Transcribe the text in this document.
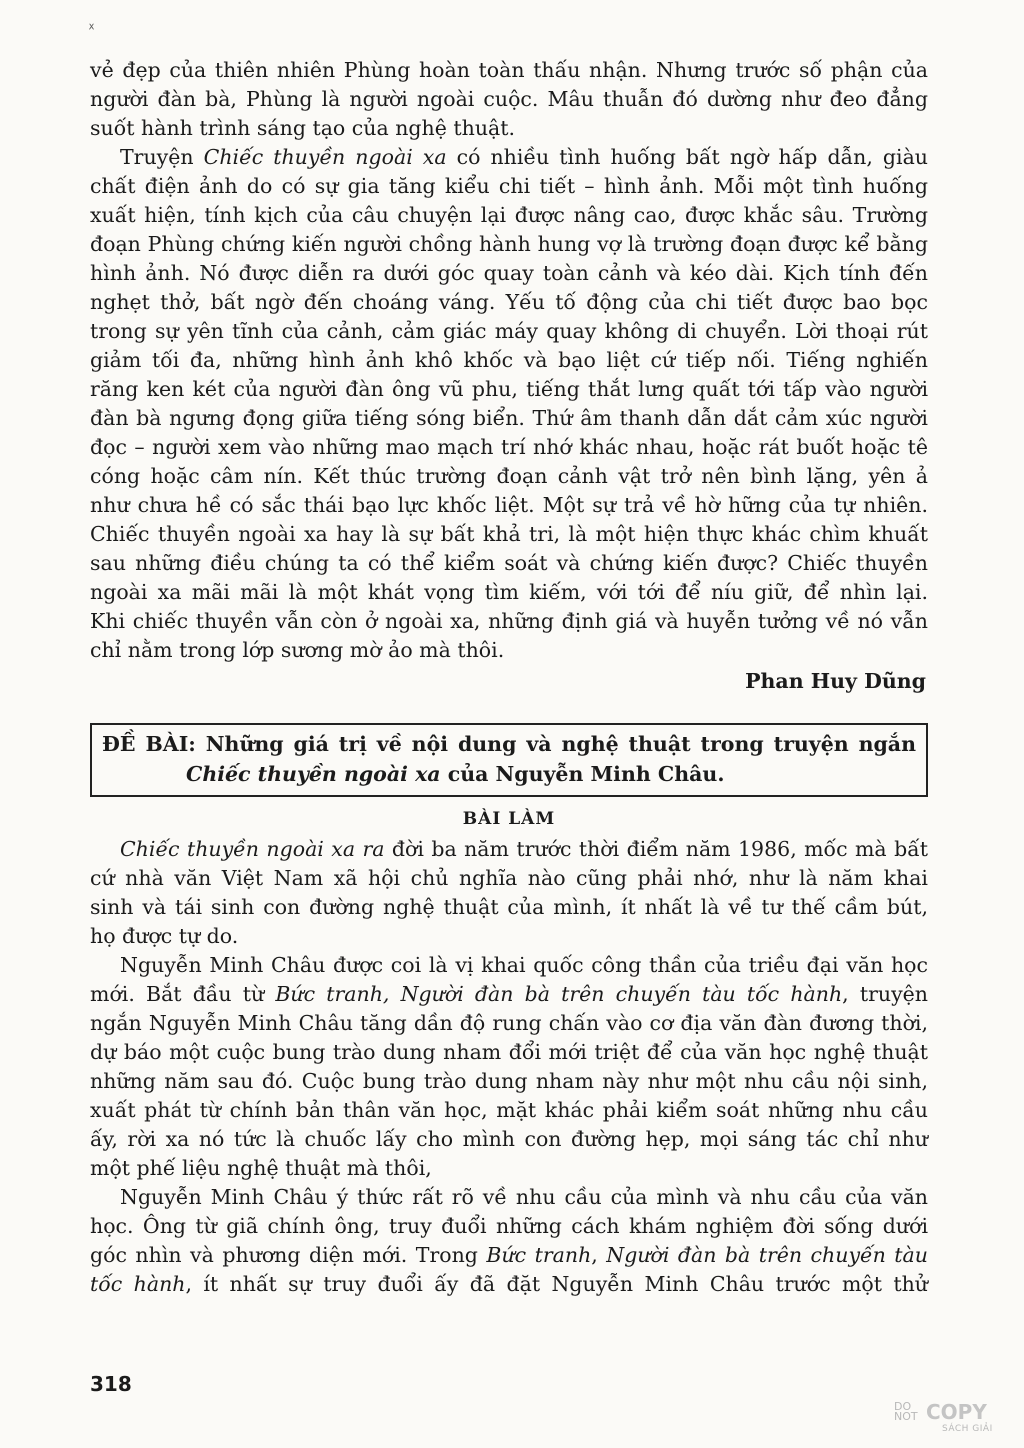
ᕁ

vẻ đẹp của thiên nhiên Phùng hoàn toàn thấu nhận. Nhưng trước số phận của
người đàn bà, Phùng là người ngoài cuộc. Mâu thuẫn đó dường như đeo đẳng
suốt hành trình sáng tạo của nghệ thuật.

Truyện Chiếc thuyền ngoài xa có nhiều tình huống bất ngờ hấp dẫn, giàu
chất điện ảnh do có sự gia tăng kiểu chi tiết – hình ảnh. Mỗi một tình huống
xuất hiện, tính kịch của câu chuyện lại được nâng cao, được khắc sâu. Trường
đoạn Phùng chứng kiến người chồng hành hung vợ là trường đoạn được kể bằng
hình ảnh. Nó được diễn ra dưới góc quay toàn cảnh và kéo dài. Kịch tính đến
nghẹt thở, bất ngờ đến choáng váng. Yếu tố động của chi tiết được bao bọc
trong sự yên tĩnh của cảnh, cảm giác máy quay không di chuyển. Lời thoại rút
giảm tối đa, những hình ảnh khô khốc và bạo liệt cứ tiếp nối. Tiếng nghiến
răng ken két của người đàn ông vũ phu, tiếng thắt lưng quất tới tấp vào người
đàn bà ngưng đọng giữa tiếng sóng biển. Thứ âm thanh dẫn dắt cảm xúc người
đọc – người xem vào những mao mạch trí nhớ khác nhau, hoặc rát buốt hoặc tê
cóng hoặc câm nín. Kết thúc trường đoạn cảnh vật trở nên bình lặng, yên ả
như chưa hề có sắc thái bạo lực khốc liệt. Một sự trả về hờ hững của tự nhiên.
Chiếc thuyền ngoài xa hay là sự bất khả tri, là một hiện thực khác chìm khuất
sau những điều chúng ta có thể kiểm soát và chứng kiến được? Chiếc thuyền
ngoài xa mãi mãi là một khát vọng tìm kiếm, với tới để níu giữ, để nhìn lại.
Khi chiếc thuyền vẫn còn ở ngoài xa, những định giá và huyễn tưởng về nó vẫn
chỉ nằm trong lớp sương mờ ảo mà thôi.

Phan Huy Dũng
ĐỀ BÀI: Những giá trị về nội dung và nghệ thuật trong truyện ngắn
Chiếc thuyền ngoài xa của Nguyễn Minh Châu.
BÀI LÀM

Chiếc thuyền ngoài xa ra đời ba năm trước thời điểm năm 1986, mốc mà bất
cứ nhà văn Việt Nam xã hội chủ nghĩa nào cũng phải nhớ, như là năm khai
sinh và tái sinh con đường nghệ thuật của mình, ít nhất là về tư thế cầm bút,
họ được tự do.

Nguyễn Minh Châu được coi là vị khai quốc công thần của triều đại văn học
mới. Bắt đầu từ Bức tranh, Người đàn bà trên chuyến tàu tốc hành, truyện
ngắn Nguyễn Minh Châu tăng dần độ rung chấn vào cơ địa văn đàn đương thời,
dự báo một cuộc bung trào dung nham đổi mới triệt để của văn học nghệ thuật
những năm sau đó. Cuộc bung trào dung nham này như một nhu cầu nội sinh,
xuất phát từ chính bản thân văn học, mặt khác phải kiểm soát những nhu cầu
ấy, rời xa nó tức là chuốc lấy cho mình con đường hẹp, mọi sáng tác chỉ như
một phế liệu nghệ thuật mà thôi,

Nguyễn Minh Châu ý thức rất rõ về nhu cầu của mình và nhu cầu của văn
học. Ông từ giã chính ông, truy đuổi những cách khám nghiệm đời sống dưới
góc nhìn và phương diện mới. Trong Bức tranh, Người đàn bà trên chuyến tàu
tốc hành, ít nhất sự truy đuổi ấy đã đặt Nguyễn Minh Châu trước một thử

318
DO
NOT COPY
SÁCH GIẢI
